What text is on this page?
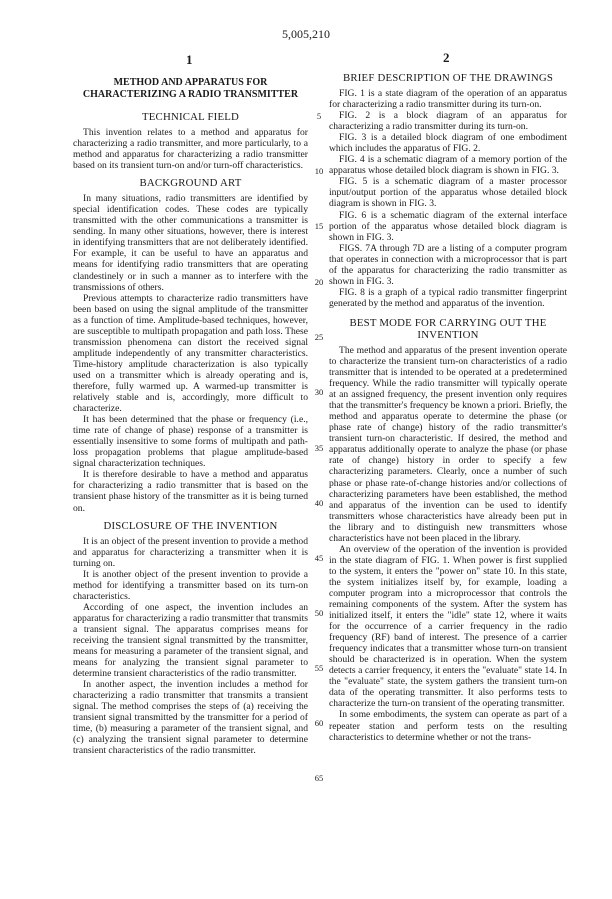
5,005,210
1	2
METHOD AND APPARATUS FOR
CHARACTERIZING A RADIO TRANSMITTER
TECHNICAL FIELD

This invention relates to a method and apparatus for characterizing a radio transmitter, and more particularly, to a method and apparatus for characterizing a radio transmitter based on its transient turn-on and/or turn-off characteristics.

BACKGROUND ART

In many situations, radio transmitters are identified by special identification codes. These codes are typically transmitted with the other communications a transmitter is sending. In many other situations, however, there is interest in identifying transmitters that are not deliberately identified. For example, it can be useful to have an apparatus and means for identifying radio transmitters that are operating clandestinely or in such a manner as to interfere with the transmissions of others.

Previous attempts to characterize radio transmitters have been based on using the signal amplitude of the transmitter as a function of time. Amplitude-based techniques, however, are susceptible to multipath propagation and path loss. These transmission phenomena can distort the received signal amplitude independently of any transmitter characteristics. Time-history amplitude characterization is also typically used on a transmitter which is already operating and is, therefore, fully warmed up. A warmed-up transmitter is relatively stable and is, accordingly, more difficult to characterize.

It has been determined that the phase or frequency (i.e., time rate of change of phase) response of a transmitter is essentially insensitive to some forms of multipath and path-loss propagation problems that plague amplitude-based signal characterization techniques.

It is therefore desirable to have a method and apparatus for characterizing a radio transmitter that is based on the transient phase history of the transmitter as it is being turned on.

DISCLOSURE OF THE INVENTION

It is an object of the present invention to provide a method and apparatus for characterizing a transmitter when it is turning on.

It is another object of the present invention to provide a method for identifying a transmitter based on its turn-on characteristics.

According of one aspect, the invention includes an apparatus for characterizing a radio transmitter that transmits a transient signal. The apparatus comprises means for receiving the transient signal transmitted by the transmitter, means for measuring a parameter of the transient signal, and means for analyzing the transient signal parameter to determine transient characteristics of the radio transmitter.

In another aspect, the invention includes a method for characterizing a radio transmitter that transmits a transient signal. The method comprises the steps of (a) receiving the transient signal transmitted by the transmitter for a period of time, (b) measuring a parameter of the transient signal, and (c) analyzing the transient signal parameter to determine transient characteristics of the radio transmitter.

BRIEF DESCRIPTION OF THE DRAWINGS

FIG. 1 is a state diagram of the operation of an apparatus for characterizing a radio transmitter during its turn-on.

FIG. 2 is a block diagram of an apparatus for characterizing a radio transmitter during its turn-on.

FIG. 3 is a detailed block diagram of one embodiment which includes the apparatus of FIG. 2.

FIG. 4 is a schematic diagram of a memory portion of the apparatus whose detailed block diagram is shown in FIG. 3.

FIG. 5 is a schematic diagram of a master processor input/output portion of the apparatus whose detailed block diagram is shown in FIG. 3.

FIG. 6 is a schematic diagram of the external interface portion of the apparatus whose detailed block diagram is shown in FIG. 3.

FIGS. 7A through 7D are a listing of a computer program that operates in connection with a microprocessor that is part of the apparatus for characterizing the radio transmitter as shown in FIG. 3.

FIG. 8 is a graph of a typical radio transmitter fingerprint generated by the method and apparatus of the invention.

BEST MODE FOR CARRYING OUT THE INVENTION

The method and apparatus of the present invention operate to characterize the transient turn-on characteristics of a radio transmitter that is intended to be operated at a predetermined frequency. While the radio transmitter will typically operate at an assigned frequency, the present invention only requires that the transmitter's frequency be known a priori. Briefly, the method and apparatus operate to determine the phase (or phase rate of change) history of the radio transmitter's transient turn-on characteristic. If desired, the method and apparatus additionally operate to analyze the phase (or phase rate of change) history in order to specify a few characterizing parameters. Clearly, once a number of such phase or phase rate-of-change histories and/or collections of characterizing parameters have been established, the method and apparatus of the invention can be used to identify transmitters whose characteristics have already been put in the library and to distinguish new transmitters whose characteristics have not been placed in the library.

An overview of the operation of the invention is provided in the state diagram of FIG. 1. When power is first supplied to the system, it enters the "power on" state 10. In this state, the system initializes itself by, for example, loading a computer program into a microprocessor that controls the remaining components of the system. After the system has initialized itself, it enters the "idle" state 12, where it waits for the occurrence of a carrier frequency in the radio frequency (RF) band of interest. The presence of a carrier frequency indicates that a transmitter whose turn-on transient should be characterized is in operation. When the system detects a carrier frequency, it enters the "evaluate" state 14. In the "evaluate" state, the system gathers the transient turn-on data of the operating transmitter. It also performs tests to characterize the turn-on transient of the operating transmitter.

In some embodiments, the system can operate as part of a repeater station and perform tests on the resulting characteristics to determine whether or not the trans-

5
10
15
20
25
30
35
40
45
50
55
60
65
